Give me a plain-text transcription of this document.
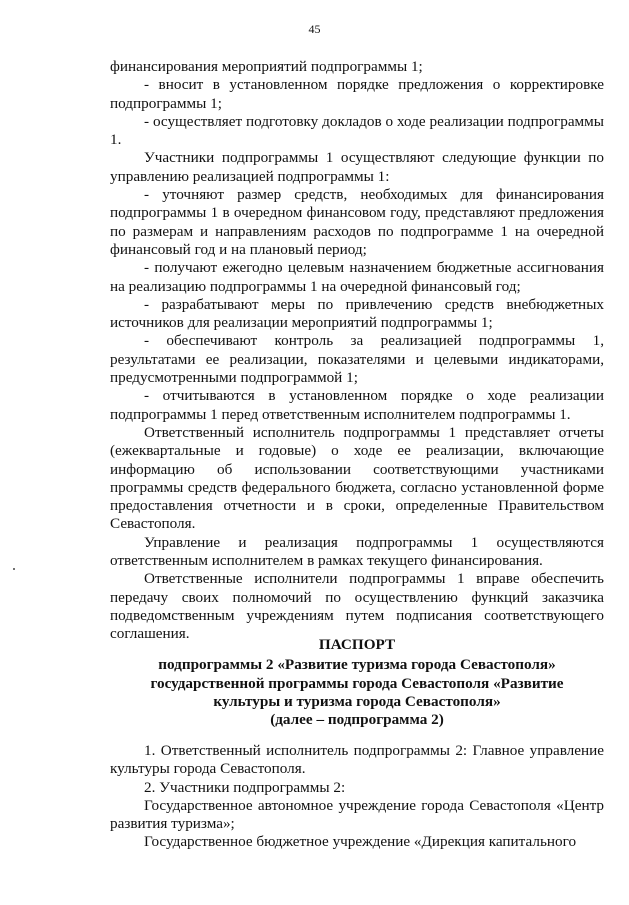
45

финансирования мероприятий подпрограммы 1;

- вносит в установленном порядке предложения о корректировке подпрограммы 1;

- осуществляет подготовку докладов о ходе реализации подпрограммы 1.

Участники подпрограммы 1 осуществляют следующие функции по управлению реализацией подпрограммы 1:

- уточняют размер средств, необходимых для финансирования подпрограммы 1 в очередном финансовом году, представляют предложения по размерам и направлениям расходов по подпрограмме 1 на очередной финансовый год и на плановый период;

- получают ежегодно целевым назначением бюджетные ассигнования на реализацию подпрограммы 1 на очередной финансовый год;

- разрабатывают меры по привлечению средств внебюджетных источников для реализации мероприятий подпрограммы 1;

- обеспечивают контроль за реализацией подпрограммы 1, результатами ее реализации, показателями и целевыми индикаторами, предусмотренными подпрограммой 1;

- отчитываются в установленном порядке о ходе реализации подпрограммы 1 перед ответственным исполнителем подпрограммы 1.

Ответственный исполнитель подпрограммы 1 представляет отчеты (ежеквартальные и годовые) о ходе ее реализации, включающие информацию об использовании соответствующими участниками программы средств федерального бюджета, согласно установленной форме предоставления отчетности и в сроки, определенные Правительством Севастополя.

Управление и реализация подпрограммы 1 осуществляются ответственным исполнителем в рамках текущего финансирования.

Ответственные исполнители подпрограммы 1 вправе обеспечить передачу своих полномочий по осуществлению функций заказчика подведомственным учреждениям путем подписания соответствующего соглашения.

ПАСПОРТ
подпрограммы 2 «Развитие туризма города Севастополя»
государственной программы города Севастополя «Развитие
культуры и туризма города Севастополя»
(далее – подпрограмма 2)

1. Ответственный исполнитель подпрограммы 2: Главное управление культуры города Севастополя.

2. Участники подпрограммы 2:

Государственное автономное учреждение города Севастополя «Центр развития туризма»;

Государственное бюджетное учреждение «Дирекция капитального
